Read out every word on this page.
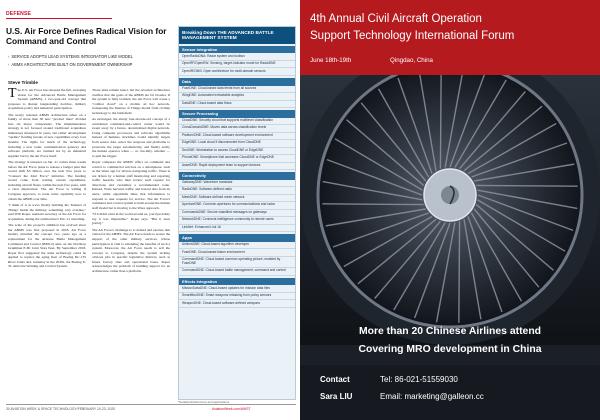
DEFENSE
U.S. Air Force Defines Radical Vision for Command and Control
› SERVICE ADOPTS LEAD SYSTEMS INTEGRATOR LIKE MODEL
› ABMS ARCHITECTURE BUILT ON GOVERNMENT OWNERSHIP
Steve Trimble

The U.S. Air Force has released the full, sweeping vision for the Advanced Battle Management System (ABMS), a two-year-old concept that proposes to disrupt longstanding doctrine, military acquisition policy and industrial participation.

The newly released ABMS architecture relies on a family of more than 30 new "product lines" divided into six major components. The implementation strategy is not focused around traditional acquisition milestones measured in years, but rather development "sprints" fielding tweaks of new capabilities every four months. The rights for much of the technology, including a new radar, communication gateway and software platform, are claimed not by an industrial supplier but by the Air Force itself.

The strategy is released on Jan. 21 comes three weeks before the Air Force plans to release a budget plan that would shift $3 billion over the next five years to "Connect the Joint Force" initiative. The funding would come from retiring certain capabilities, including aircraft fleets, within the next five years, with a clear implication: The Air Force is willing if Congress approves, to trade some capability now to obtain the ABMS over time.

"I think of it as we're finally building the 'Internet of Things' inside the military, something very overdue," said Will Roper, assistant secretary of the Air Force for acquisition, during the architecture's Feb. 21 unveiling.

The scale of the project's ambition has evolved since the ABMS was first proposed in 2018. Air Force leaders unveiled the concept two years ago as a replacement for the airborne Battle Management Command and Control (BMC2) suite on the Northrop Grumman E-8C Joint Stars fleet. By September 2018, Roper first suggested the same technology could be applied to replace the aging fleet of Boeing RC-135 Rivet Joints and, someday in the 2030s, the Boeing E-3C Airborne Warning and Control System.

Those aims remain intact, but the revealed architecture clarifies that the goals of the ABMS are far broader. If the system is fully realized, the Air Force will create a "combat cloud" on a mobile ad hoc network, transposing the Internet of Things model from civilian technology to the battlefield.

As envisaged, the sturdy four-decade-old concept of a centralized command-and-control center would be swept away by a future, decentralized digital network. Using computer processors and software algorithms instead of humans, machines would identify targets from sensor data, select the weapons and platforms to prosecute the target automatically, and finally notify the human operator when — or, crucially, whether — to pull the trigger.

Roper compares the ABMS' effect on command and control to commercial services on a smartphone, such as the Waze app for drivers navigating traffic. Waze is not driven by a human staff monitoring and reporting traffic hazards, who then review each request for directions and customize a recommended route. Instead, Waze harvests traffic and hazard data from its users, while algorithms mine that information to respond to user requests for service. The Air Force's command and control system is built around the human staff model but is moving to the Waze approach.

"If it didn't exist in the world around us, you'd probably say it was impossible," Roper says. "But it does [exist]."

The Air Force's challenge is to defend and execute that vision for the ABMS. The Air Force needs to secure the support of the other military services, whose participation is vital to extending the benefits of such a system. Moreover, the Air Force needs to sell the concept to Congress, despite the system lacking obvious jobs in specific legislative districts, such as future factory sites and operational bases. Roper acknowledges the problem of building support for an architecture, rather than a platform,

Breaking Down THE ADVANCED BATTLE MANAGEMENT SYSTEM
Sensor Integration
OpenRadioDNA: Radar system and toolbox
OpenRF/OpenEW: Sensing, target-indicator mode for RadarDNE
OpenIR/OMS: Open architecture for multi-domain sensors
Data
FuseDNE: Cloud-based data feeds from all sources
WingDNE: Automated extractable analytics
DataDNE: Cloud-based data flows
Secure Processing
CloudDNE: Security cloud that supports multilevel classification
CrossDomainDNE: Moves data across classification levels
PlatformDNE: Cloud-based software development environment
EdgeDNE: Local cloud if disconnected from CloudDNE
SecDNE: Workstation to access CloudDNE or EdgeDNE
PhoneDNE: Smartphone that accesses CloudDNE or EdgeDNE
AssetDNE: Rapid deployment team to support devices
Connectivity
GatewayDNE: Waveform translator
RadioDNE: Software-defined radio
MeshDNE: Software-defined mesh network
ApertureDNE: Common apertures for communications and radar
CommandsDNE: Secure classified messages on gateways
NetworkDNE: Connects intelligence community to remote users
LinkNet: Enhanced Link 16
Apps
AirlinesDNE: Cloud-based algorithm developer
FuseDNE: Cloud-based fusion environment
CommandDNE: Cloud-based common operating picture, enabled by FuseDNE
CommandDNE: Cloud-based battle management, command and control
Effects Integration
MissionDataDNE: Cloud-based updates for mission data files
SmartMunDNE: Smart weapons retasking from policy sensors
WeaponDNE: Cloud-based software-defined weapons
*Details/infrastructure and applications
30 AVIATION WEEK & SPACE TECHNOLOGY/FEBRUARY 10-23, 2020	AviationWeek.com/AWST
4th Annual Civil Aircraft Operation
Support Technology International Forum
June 18th-19th	Qingdao, China
More than 20 Chinese Airlines attend
Covering MRO development in China
Contact	Tel: 86-021-51559030
Sara LIU	Email: marketing@galleon.cc
